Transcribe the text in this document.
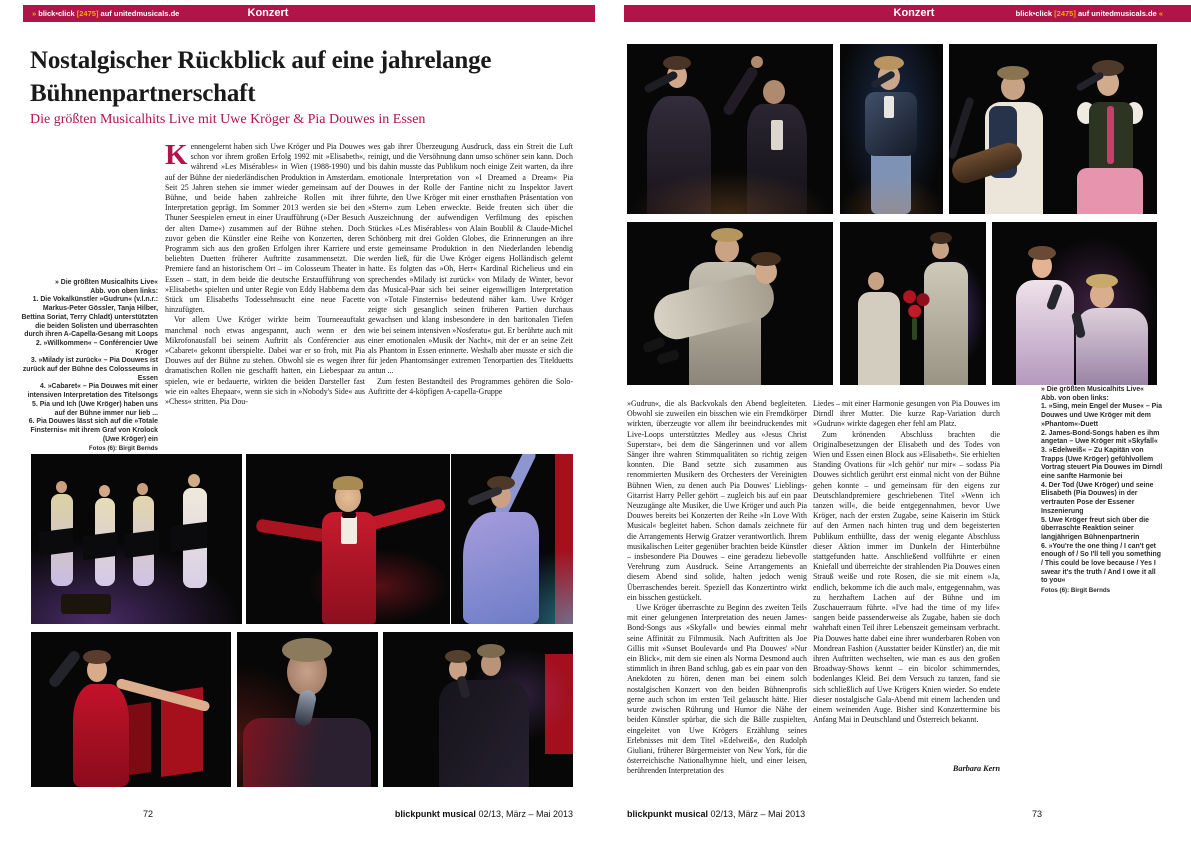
» blick•click [2475] auf unitedmusicals.de	Konzert
Nostalgischer Rückblick auf eine jahrelange
Bühnenpartnerschaft
Die größten Musicalhits Live mit Uwe Kröger & Pia Douwes in Essen
» Die größten Musicalhits Live«
Abb. von oben links:
1. Die Vokalkünstler »Gudrun« (v.l.n.r.: Markus-Peter Gössler, Tanja Hilber, Bettina Soriat, Terry Chladt) unterstützten die beiden Solisten und überraschten durch ihren A-Capella-Gesang mit Loops
2. »Willkommen« – Conférencier Uwe Kröger
3. »Milady ist zurück« – Pia Douwes ist zurück auf der Bühne des Colosseums in Essen
4. »Cabaret« – Pia Douwes mit einer intensiven Interpretation des Titelsongs
5. Pia und Ich (Uwe Kröger) haben uns auf der Bühne immer nur lieb ...
6. Pia Douwes lässt sich auf die »Totale Finsternis« mit ihrem Graf von Krolock (Uwe Kröger) ein
Fotos (6): Birgit Bernds

Kennengelernt haben sich Uwe Kröger und Pia Douwes schon vor ihrem großen Erfolg 1992 mit »Elisabeth«, während »Les Misérables« in Wien (1988-1990) und auf der Bühne der niederländischen Produktion in Amsterdam. Seit 25 Jahren stehen sie immer wieder gemeinsam auf der Bühne, und beide haben zahlreiche Rollen mit ihrer Interpretation geprägt. Im Sommer 2013 werden sie bei den Thuner Seespielen erneut in einer Uraufführung (»Der Besuch der alten Dame«) zusammen auf der Bühne stehen. Doch zuvor geben die Künstler eine Reihe von Konzerten, deren Programm sich aus den großen Erfolgen ihrer Karriere und beliebten Duetten früherer Auftritte zusammensetzt. Die Premiere fand an historischem Ort – im Colosseum Theater in Essen – statt, in dem beide die deutsche Erstaufführung von »Elisabeth« spielten und unter Regie von Eddy Habbema dem Stück um Elisabeths Todessehnsucht eine neue Facette hinzufügten.

Vor allem Uwe Kröger wirkte beim Tourneeauftakt manchmal noch etwas angespannt, auch wenn er den Mikrofonausfall bei seinem Auftritt als Conférencier aus »Cabaret« gekonnt überspielte. Dabei war er so froh, mit Pia Douwes auf der Bühne zu stehen. Obwohl sie es wegen ihrer dramatischen Rollen nie geschafft hatten, ein Liebespaar zu spielen, wie er bedauerte, wirkten die beiden Darsteller fast wie ein »altes Ehepaar«, wenn sie sich in »Nobody's Side« aus »Chess« stritten. Pia Dou-

wes gab ihrer Überzeugung Ausdruck, dass ein Streit die Luft reinigt, und die Versöhnung dann umso schöner sein kann. Doch bis dahin musste das Publikum noch einige Zeit warten, da ihre emotionale Interpretation von »I Dreamed a Dream« Pia Douwes in der Rolle der Fantine nicht zu Inspektor Javert führte, den Uwe Kröger mit einer ernsthaften Präsentation von »Stern« zum Leben erweckte. Beide freuten sich über die Auszeichnung der aufwendigen Verfilmung des epischen Stückes »Les Misérables« von Alain Boublil & Claude-Michel Schönberg mit drei Golden Globes, die Erinnerungen an ihre erste gemeinsame Produktion in den Niederlanden lebendig werden ließ, für die Uwe Kröger eigens Holländisch gelernt hatte. Es folgten das »Oh, Herr« Kardinal Richelieus und ein sprechendes »Milady ist zurück« von Milady de Winter, bevor das Musical-Paar sich bei seiner eigenwilligen Interpretation von »Totale Finsternis« bedeutend näher kam. Uwe Kröger zeigte sich gesanglich seinen früheren Partien durchaus gewachsen und klang insbesondere in den baritonalen Tiefen wie bei seinem intensiven »Nosferatu« gut. Er berührte auch mit einer emotionalen »Musik der Nacht«, mit der er an seine Zeit als Phantom in Essen erinnerte. Weshalb aber musste er sich die für jeden Phantomsänger extremen Tenorpartien des Titelduetts antun ...

Zum festen Bestandteil des Programmes gehören die Solo-Auftritte der 4-köpfigen A-capella-Gruppe

72	blickpunkt musical 02/13, März – Mai 2013
Konzert	blick•click [2475] auf unitedmusicals.de «

»Gudrun«, die als Backvokals den Abend begleiteten. Obwohl sie zuweilen ein bisschen wie ein Fremdkörper wirkten, überzeugte vor allem ihr beeindruckendes mit Live-Loops unterstütztes Medley aus »Jesus Christ Superstar«, bei dem die Sängerinnen und vor allem Sänger ihre wahren Stimmqualitäten so richtig zeigen konnten. Die Band setzte sich zusammen aus renommierten Musikern des Orchesters der Vereinigten Bühnen Wien, zu denen auch Pia Douwes' Lieblings-Gitarrist Harry Peller gehört – zugleich bis auf ein paar Neuzugänge alte Musiker, die Uwe Kröger und auch Pia Douwes bereits bei Konzerten der Reihe »In Love With Musical« begleitet haben. Schon damals zeichnete für die Arrangements Herwig Gratzer verantwortlich. Ihrem musikalischen Leiter gegenüber brachten beide Künstler – insbesondere Pia Douwes – eine geradezu liebevolle Verehrung zum Ausdruck. Seine Arrangements an diesem Abend sind solide, halten jedoch wenig Überraschendes bereit. Speziell das Konzertintro wirkt ein bisschen gestückelt.

Uwe Kröger überraschte zu Beginn des zweiten Teils mit einer gelungenen Interpretation des neuen James-Bond-Songs aus »Skyfall« und bewies einmal mehr seine Affinität zu Filmmusik. Nach Auftritten als Joe Gillis mit »Sunset Boulevard« und Pia Douwes' »Nur ein Blick«, mit dem sie einen als Norma Desmond auch stimmlich in ihren Band schlug, gab es ein paar von den Anekdoten zu hören, denen man bei einem solch nostalgischen Konzert von den beiden Bühnenprofis gerne auch schon im ersten Teil gelauscht hätte. Hier wurde zwischen Rührung und Humor die Nähe der beiden Künstler spürbar, die sich die Bälle zuspielten, eingeleitet von Uwe Krögers Erzählung seines Erlebnisses mit dem Titel »Edelweiß«, den Rudolph Giuliani, früherer Bürgermeister von New York, für die österreichische Nationalhymne hielt, und einer leisen, berührenden Interpretation des

Liedes – mit einer Harmonie gesungen von Pia Douwes im Dirndl ihrer Mutter. Die kurze Rap-Variation durch »Gudrun« wirkte dagegen eher fehl am Platz.

Zum krönenden Abschluss brachten die Originalbesetzungen der Elisabeth und des Todes von Wien und Essen einen Block aus »Elisabeth«. Sie erhielten Standing Ovations für »Ich gehör' nur mir« – sodass Pia Douwes sichtlich gerührt erst einmal nicht von der Bühne gehen konnte – und gemeinsam für den eigens zur Deutschlandpremiere geschriebenen Titel »Wenn ich tanzen will«, die beide entgegennahmen, bevor Uwe Kröger, nach der ersten Zugabe, seine Kaiserin im Stück auf den Armen nach hinten trug und dem begeisterten Publikum enthüllte, dass der wenig elegante Abschluss dieser Aktion immer im Dunkeln der Hinterbühne stattgefunden hatte. Anschließend vollführte er einen Kniefall und überreichte der strahlenden Pia Douwes einen Strauß weiße und rote Rosen, die sie mit einem »Ja, endlich, bekomme ich die auch mal«, entgegennahm, was zu herzhaftem Lachen auf der Bühne und im Zuschauerraum führte. »I've had the time of my life« sangen beide passenderweise als Zugabe, haben sie doch wahrhaft einen Teil ihrer Lebenszeit gemeinsam verbracht. Pia Douwes hatte dabei eine ihrer wunderbaren Roben von Mondrean Fashion (Ausstatter beider Künstler) an, die mit ihren Auftritten wechselten, wie man es aus den großen Broadway-Shows kennt – ein bicolor schimmerndes, bodenlanges Kleid. Bei dem Versuch zu tanzen, fand sie sich schließlich auf Uwe Krögers Knien wieder. So endete dieser nostalgische Gala-Abend mit einem lachenden und einem weinenden Auge. Bisher sind Konzerttermine bis Anfang Mai in Deutschland und Österreich bekannt.

Barbara Kern
» Die größten Musicalhits Live«
Abb. von oben links:
1. »Sing, mein Engel der Muse« – Pia Douwes und Uwe Kröger mit dem »Phantom«-Duett
2. James-Bond-Songs haben es ihm angetan – Uwe Kröger mit »Skyfall«
3. »Edelweiß« – Zu Kapitän von Trapps (Uwe Kröger) gefühlvollem Vortrag steuert Pia Douwes im Dirndl eine sanfte Harmonie bei
4. Der Tod (Uwe Kröger) und seine Elisabeth (Pia Douwes) in der vertrauten Pose der Essener Inszenierung
5. Uwe Kröger freut sich über die überraschte Reaktion seiner langjährigen Bühnenpartnerin
6. »You're the one thing / I can't get enough of / So I'll tell you something / This could be love because / Yes I swear it's the truth / And I owe it all to you«
Fotos (6): Birgit Bernds
blickpunkt musical 02/13, März – Mai 2013	73
